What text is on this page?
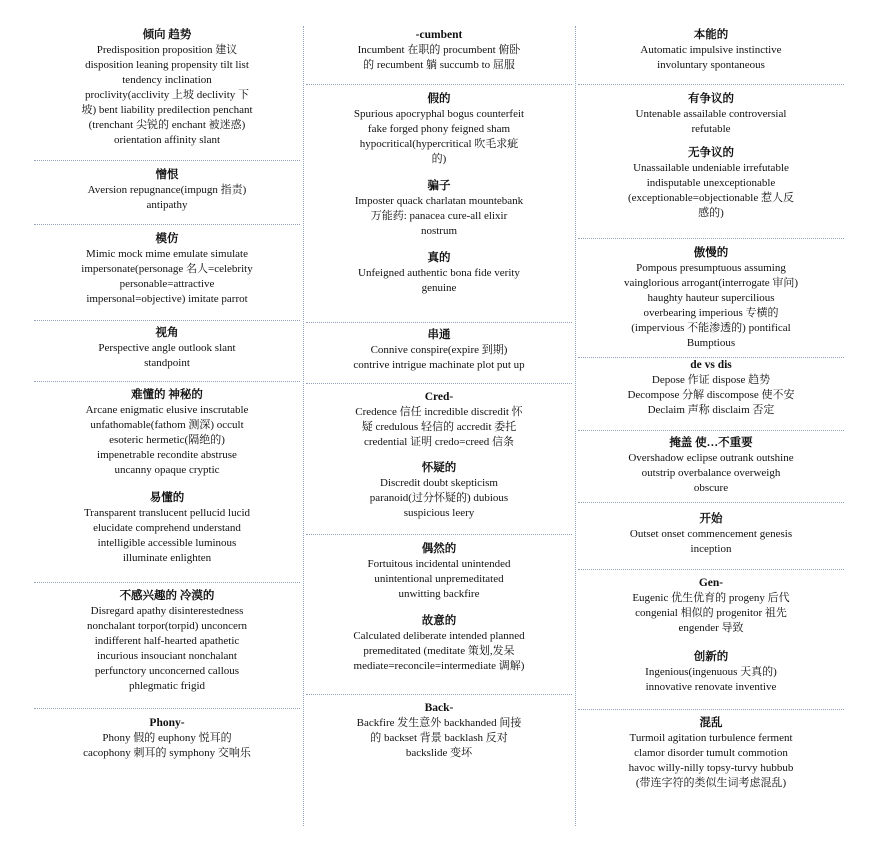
倾向 趋势

Predisposition proposition 建议

disposition leaning propensity tilt list

tendency inclination

proclivity(acclivity 上坡 declivity 下

坡) bent liability predilection penchant

(trenchant 尖锐的 enchant 被迷惑)

orientation affinity slant

憎恨

Aversion repugnance(impugn 指责)

antipathy

模仿

Mimic mock mime emulate simulate

impersonate(personage 名人=celebrity

personable=attractive

impersonal=objective) imitate parrot

视角

Perspective angle outlook slant

standpoint

难懂的 神秘的

Arcane enigmatic elusive inscrutable

unfathomable(fathom 测深) occult

esoteric hermetic(隔绝的)

impenetrable recondite abstruse

uncanny opaque cryptic

易懂的

Transparent translucent pellucid lucid

elucidate comprehend understand

intelligible accessible luminous

illuminate enlighten

不感兴趣的 冷漠的

Disregard apathy disinterestedness

nonchalant torpor(torpid) unconcern

indifferent half-hearted apathetic

incurious insouciant nonchalant

perfunctory unconcerned callous

phlegmatic frigid

Phony-

Phony 假的 euphony 悦耳的

cacophony 刺耳的 symphony 交响乐

-cumbent

Incumbent 在职的 procumbent 俯卧

的 recumbent 躺 succumb to 屈服

假的

Spurious apocryphal bogus counterfeit

fake forged phony feigned sham

hypocritical(hypercritical 吹毛求疵

的)

骗子

Imposter quack charlatan mountebank

万能药: panacea cure-all elixir

nostrum

真的

Unfeigned authentic bona fide verity

genuine

串通

Connive conspire(expire 到期)

contrive intrigue machinate plot put up

Cred-

Credence 信任 incredible discredit 怀

疑 credulous 轻信的 accredit 委托

credential 证明 credo=creed 信条

怀疑的

Discredit doubt skepticism

paranoid(过分怀疑的) dubious

suspicious leery

偶然的

Fortuitous incidental unintended

unintentional unpremeditated

unwitting backfire

故意的

Calculated deliberate intended planned

premeditated (meditate 策划,发呆

mediate=reconcile=intermediate 调解)

Back-

Backfire 发生意外 backhanded 间接

的 backset 背景 backlash 反对

backslide 变坏

本能的

Automatic impulsive instinctive

involuntary spontaneous

有争议的

Untenable assailable controversial

refutable

无争议的

Unassailable undeniable irrefutable

indisputable unexceptionable

(exceptionable=objectionable 惹人反

感的)

傲慢的

Pompous presumptuous assuming

vainglorious arrogant(interrogate 审问)

haughty hauteur supercilious

overbearing imperious 专横的

(impervious 不能渗透的) pontifical

Bumptious

de vs dis

Depose 作证 dispose 趋势

Decompose 分解 discompose 使不安

Declaim 声称 disclaim 否定

掩盖 使…不重要

Overshadow eclipse outrank outshine

outstrip overbalance overweigh

obscure

开始

Outset onset commencement genesis

inception

Gen-

Eugenic 优生优育的 progeny 后代

congenial 相似的 progenitor 祖先

engender 导致

创新的

Ingenious(ingenuous 天真的)

innovative renovate inventive

混乱

Turmoil agitation turbulence ferment

clamor disorder tumult commotion

havoc willy-nilly topsy-turvy hubbub

(带连字符的类似生词考虑混乱)
